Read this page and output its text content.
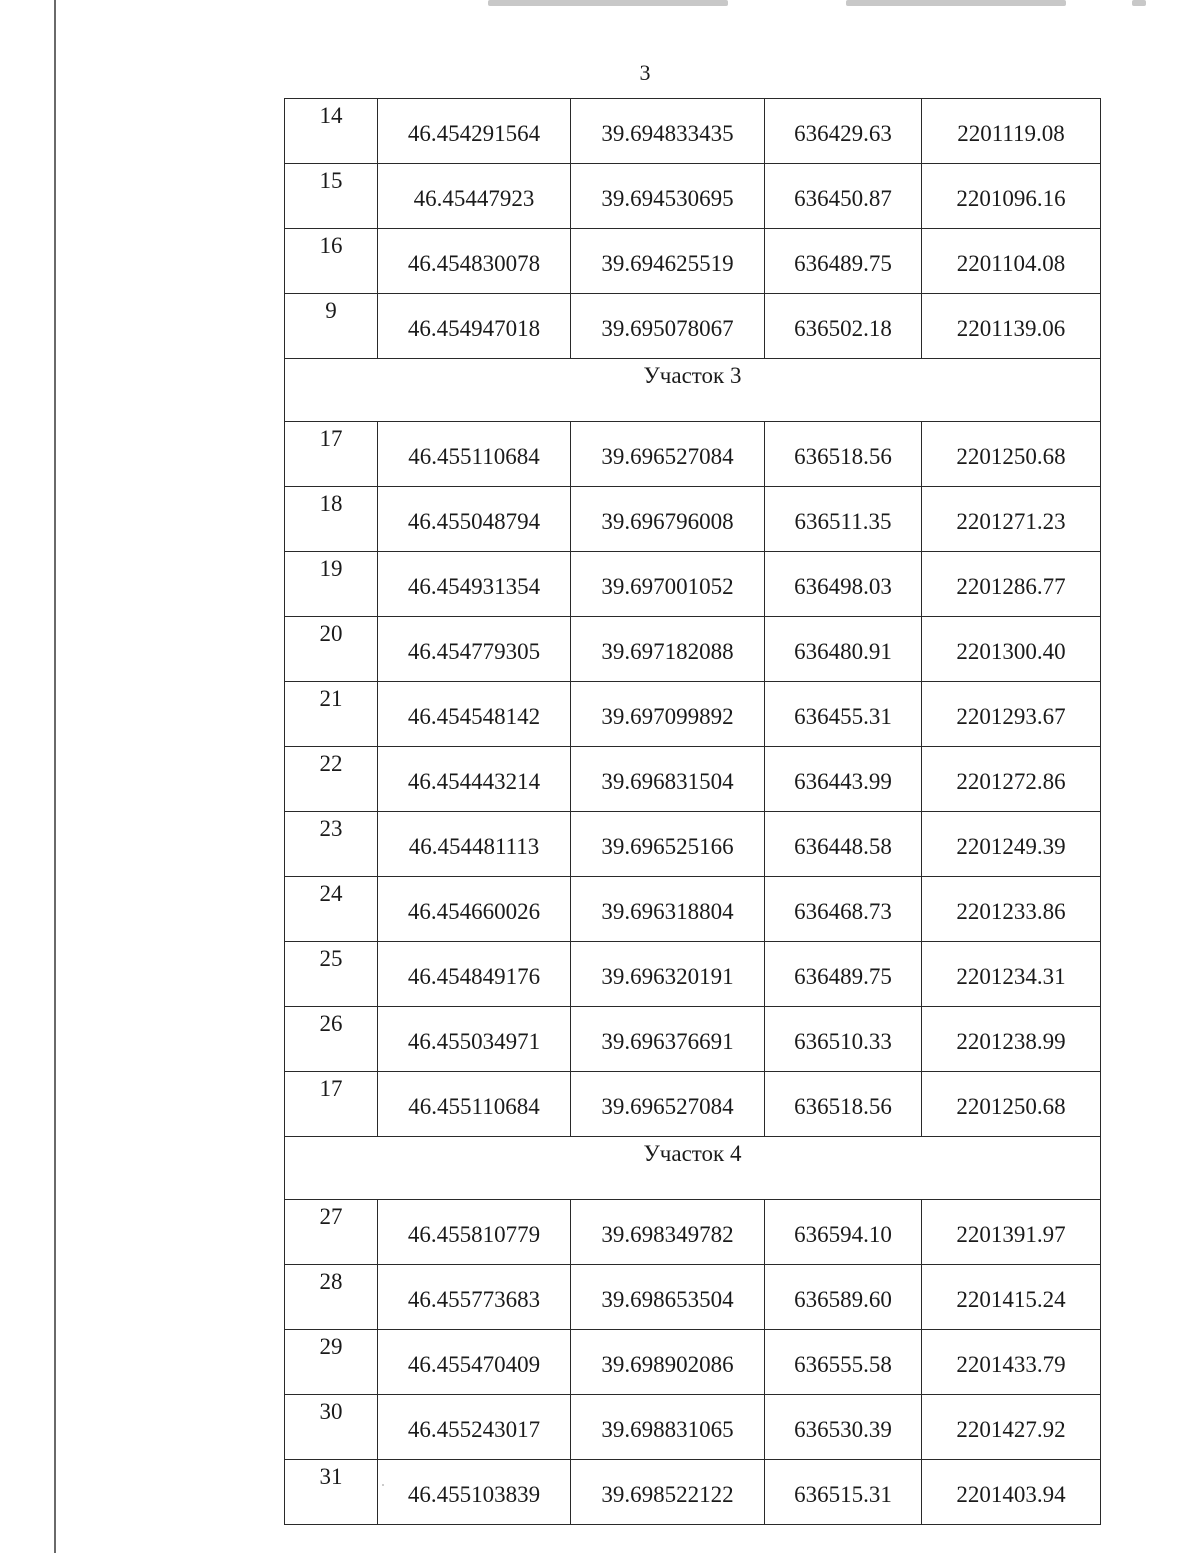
3
14	46.454291564	39.694833435	636429.63	2201119.08
15	46.45447923	39.694530695	636450.87	2201096.16
16	46.454830078	39.694625519	636489.75	2201104.08
9	46.454947018	39.695078067	636502.18	2201139.06
Участок 3				
17	46.455110684	39.696527084	636518.56	2201250.68
18	46.455048794	39.696796008	636511.35	2201271.23
19	46.454931354	39.697001052	636498.03	2201286.77
20	46.454779305	39.697182088	636480.91	2201300.40
21	46.454548142	39.697099892	636455.31	2201293.67
22	46.454443214	39.696831504	636443.99	2201272.86
23	46.454481113	39.696525166	636448.58	2201249.39
24	46.454660026	39.696318804	636468.73	2201233.86
25	46.454849176	39.696320191	636489.75	2201234.31
26	46.455034971	39.696376691	636510.33	2201238.99
17	46.455110684	39.696527084	636518.56	2201250.68
Участок 4				
27	46.455810779	39.698349782	636594.10	2201391.97
28	46.455773683	39.698653504	636589.60	2201415.24
29	46.455470409	39.698902086	636555.58	2201433.79
30	46.455243017	39.698831065	636530.39	2201427.92
31	46.455103839	39.698522122	636515.31	2201403.94
